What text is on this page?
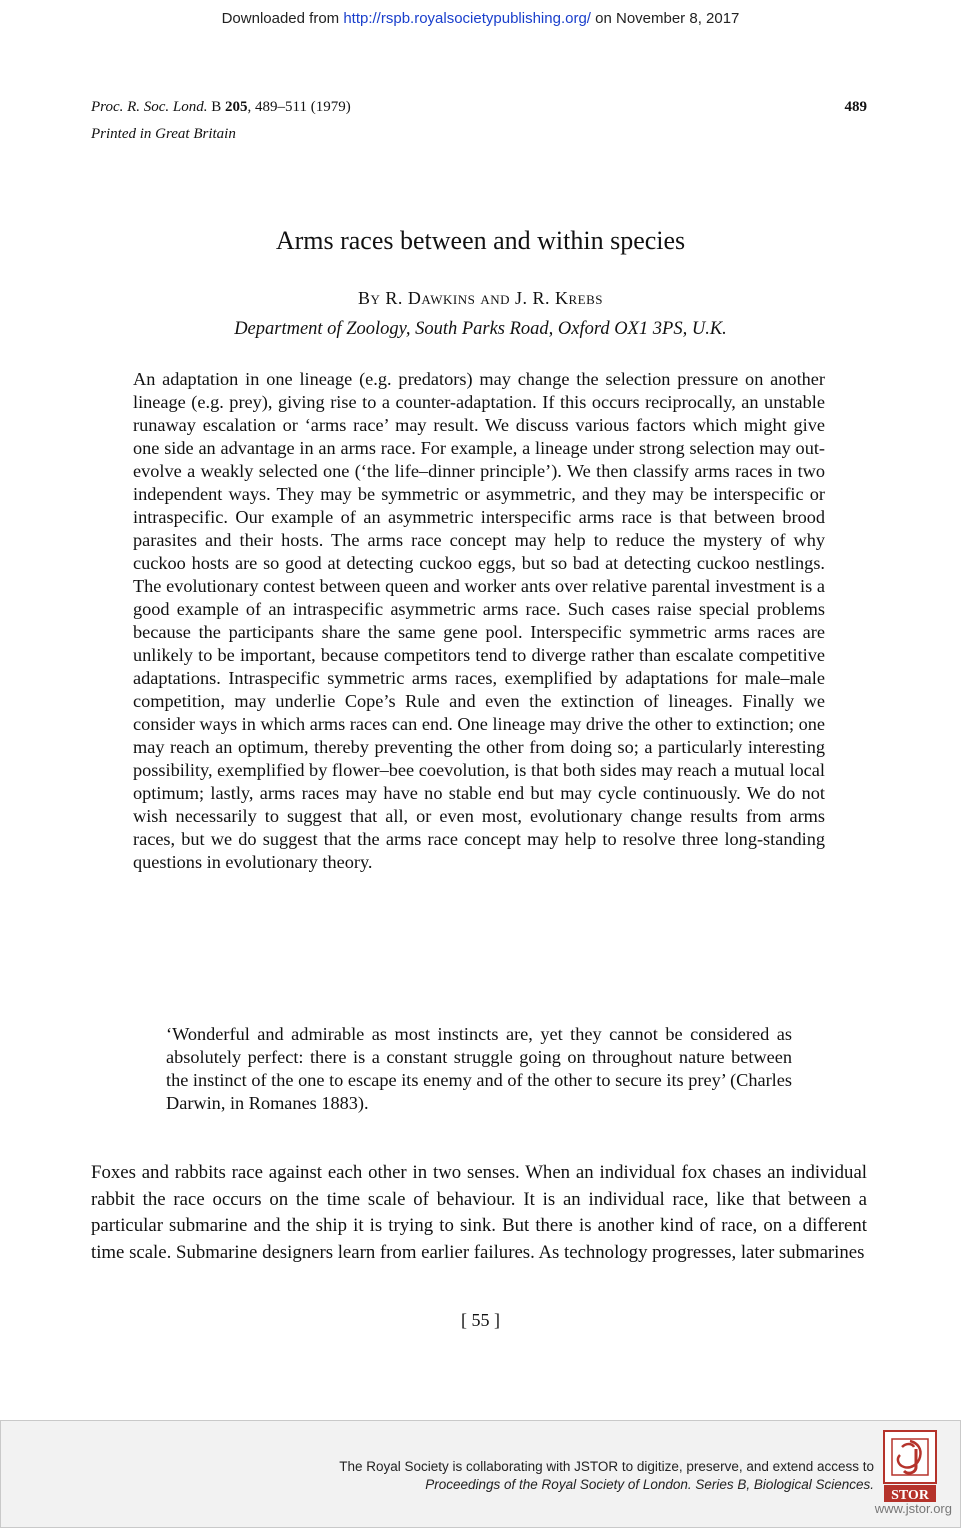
Downloaded from http://rspb.royalsocietypublishing.org/ on November 8, 2017
Proc. R. Soc. Lond. B 205, 489–511 (1979)	489
Printed in Great Britain
Arms races between and within species
By R. Dawkins and J. R. Krebs
Department of Zoology, South Parks Road, Oxford OX1 3PS, U.K.

An adaptation in one lineage (e.g. predators) may change the selection pressure on another lineage (e.g. prey), giving rise to a counter-adaptation. If this occurs reciprocally, an unstable runaway escalation or ‘arms race’ may result. We discuss various factors which might give one side an advantage in an arms race. For example, a lineage under strong selection may out-evolve a weakly selected one (‘the life–dinner principle’). We then classify arms races in two independent ways. They may be symmetric or asymmetric, and they may be interspecific or intraspecific. Our example of an asymmetric interspecific arms race is that between brood parasites and their hosts. The arms race concept may help to reduce the mystery of why cuckoo hosts are so good at detecting cuckoo eggs, but so bad at detecting cuckoo nestlings. The evolutionary contest between queen and worker ants over relative parental investment is a good example of an intraspecific asymmetric arms race. Such cases raise special problems because the participants share the same gene pool. Interspecific symmetric arms races are unlikely to be important, because competitors tend to diverge rather than escalate competitive adaptations. Intraspecific symmetric arms races, exemplified by adaptations for male–male competition, may underlie Cope’s Rule and even the extinction of lineages. Finally we consider ways in which arms races can end. One lineage may drive the other to extinction; one may reach an optimum, thereby preventing the other from doing so; a particularly interesting possibility, exemplified by flower–bee coevolution, is that both sides may reach a mutual local optimum; lastly, arms races may have no stable end but may cycle continuously. We do not wish necessarily to suggest that all, or even most, evolutionary change results from arms races, but we do suggest that the arms race concept may help to resolve three long-standing questions in evolutionary theory.

‘Wonderful and admirable as most instincts are, yet they cannot be considered as absolutely perfect: there is a constant struggle going on throughout nature between the instinct of the one to escape its enemy and of the other to secure its prey’ (Charles Darwin, in Romanes 1883).

Foxes and rabbits race against each other in two senses. When an individual fox chases an individual rabbit the race occurs on the time scale of behaviour. It is an individual race, like that between a particular submarine and the ship it is trying to sink. But there is another kind of race, on a different time scale. Submarine designers learn from earlier failures. As technology progresses, later submarines

[ 55 ]
The Royal Society is collaborating with JSTOR to digitize, preserve, and extend access to
Proceedings of the Royal Society of London. Series B, Biological Sciences.
STOR
www.jstor.org
